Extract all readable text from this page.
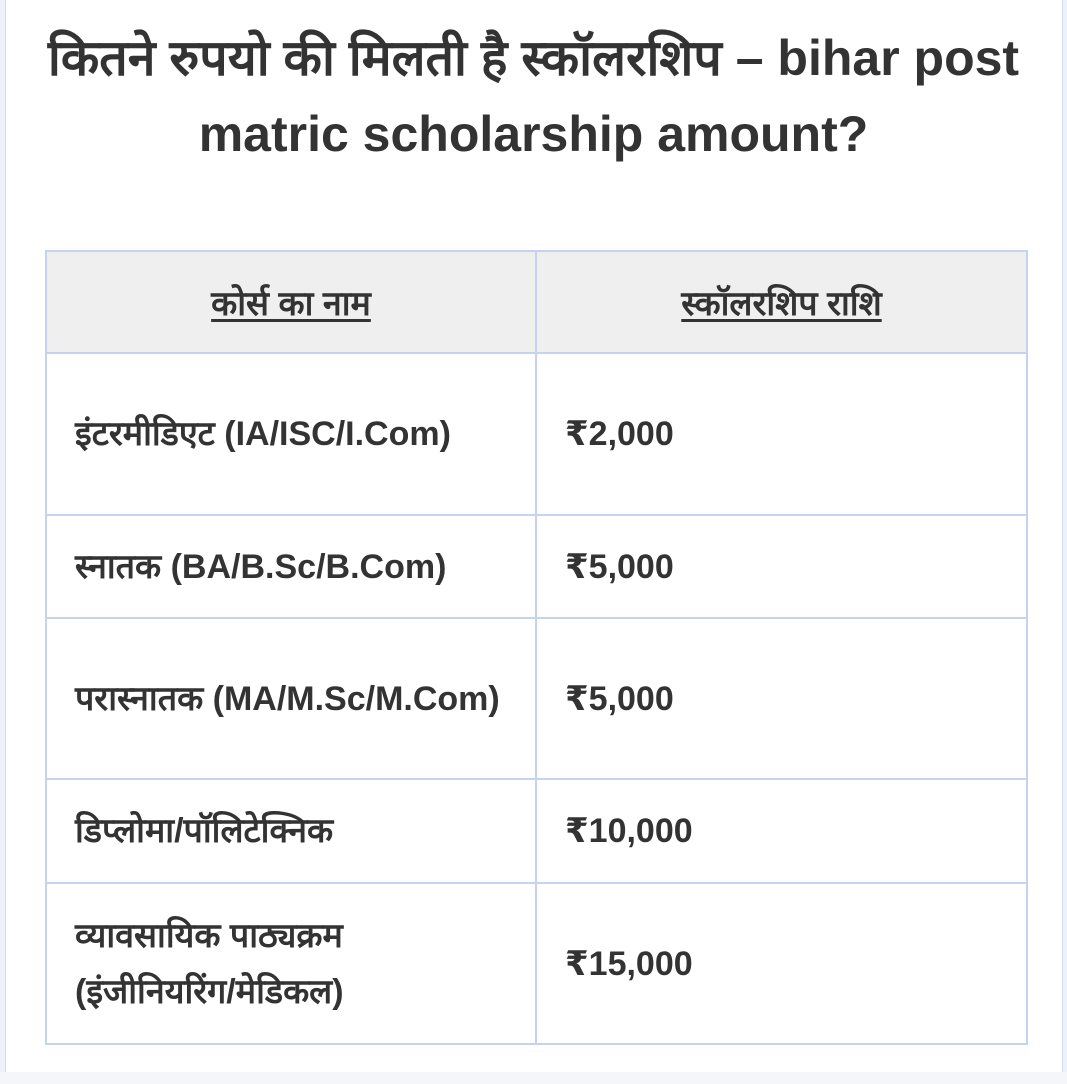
कितने रुपयो की मिलती है स्कॉलरशिप – bihar post matric scholarship amount?
कोर्स का नाम	स्कॉलरशिप राशि
इंटरमीडिएट (IA/ISC/I.Com)	₹2,000
स्नातक (BA/B.Sc/B.Com)	₹5,000
परास्नातक (MA/M.Sc/M.Com)	₹5,000
डिप्लोमा/पॉलिटेक्निक	₹10,000
व्यावसायिक पाठ्यक्रम (इंजीनियरिंग/मेडिकल)	₹15,000
